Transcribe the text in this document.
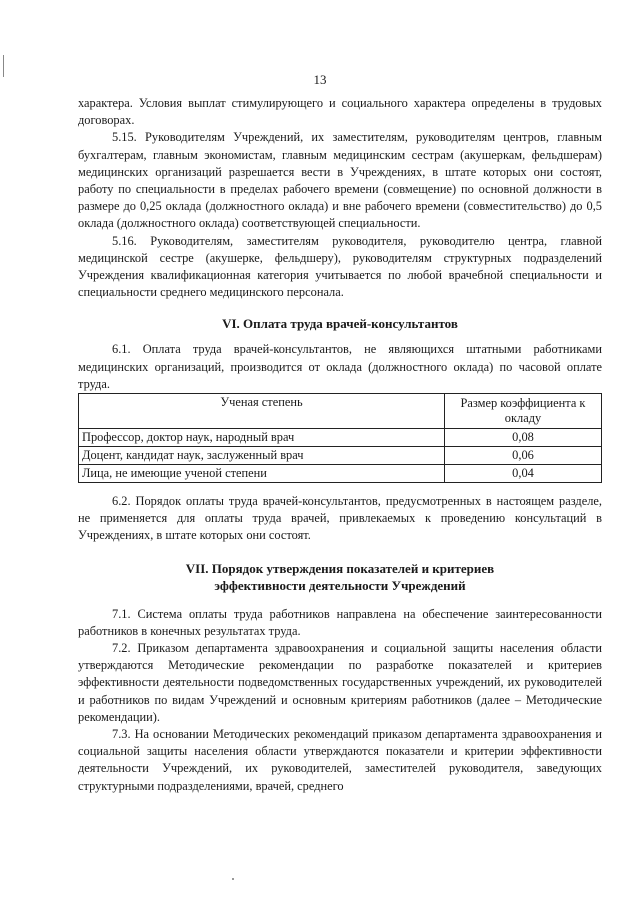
13

характера. Условия выплат стимулирующего и социального характера определены в трудовых договорах.

5.15. Руководителям Учреждений, их заместителям, руководителям центров, главным бухгалтерам, главным экономистам, главным медицинским сестрам (акушеркам, фельдшерам) медицинских организаций разрешается вести в Учреждениях, в штате которых они состоят, работу по специальности в пределах рабочего времени (совмещение) по основной должности в размере до 0,25 оклада (должностного оклада) и вне рабочего времени (совместительство) до 0,5 оклада (должностного оклада) соответствующей специальности.

5.16. Руководителям, заместителям руководителя, руководителю центра, главной медицинской сестре (акушерке, фельдшеру), руководителям структурных подразделений Учреждения квалификационная категория учитывается по любой врачебной специальности и специальности среднего медицинского персонала.

VI. Оплата труда врачей-консультантов

6.1. Оплата труда врачей-консультантов, не являющихся штатными работниками медицинских организаций, производится от оклада (должностного оклада) по часовой оплате труда.

Ученая степень	Размер коэффициента к окладу
Профессор, доктор наук, народный врач	0,08
Доцент, кандидат наук, заслуженный врач	0,06
Лица, не имеющие ученой степени	0,04

6.2. Порядок оплаты труда врачей-консультантов, предусмотренных в настоящем разделе, не применяется для оплаты труда врачей, привлекаемых к проведению консультаций в Учреждениях, в штате которых они состоят.

VII. Порядок утверждения показателей и критериев
эффективности деятельности Учреждений

7.1. Система оплаты труда работников направлена на обеспечение заинтересованности работников в конечных результатах труда.

7.2. Приказом департамента здравоохранения и социальной защиты населения области утверждаются Методические рекомендации по разработке показателей и критериев эффективности деятельности подведомственных государственных учреждений, их руководителей и работников по видам Учреждений и основным критериям работников (далее – Методические рекомендации).

7.3. На основании Методических рекомендаций приказом департамента здравоохранения и социальной защиты населения области утверждаются показатели и критерии эффективности деятельности Учреждений, их руководителей, заместителей руководителя, заведующих структурными подразделениями, врачей, среднего
